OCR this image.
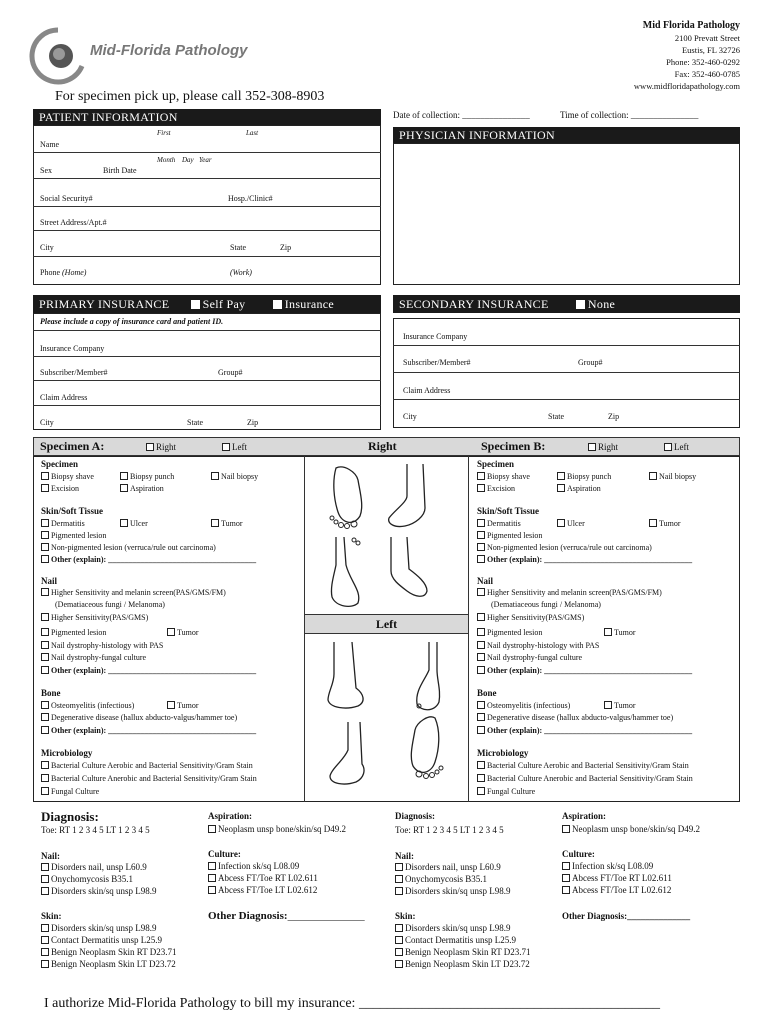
Mid-Florida Pathology
Mid Florida Pathology
2100 Prevatt Street
Eustis, FL 32726
Phone: 352-460-0292
Fax: 352-460-0785
www.midfloridapathology.com
For specimen pick up, please call 352-308-8903
PATIENT INFORMATION	Date of collection: _______________	Time of collection: _______________
First	Last
Name
Month Day Year
Sex	Birth Date
Social Security#	Hosp./Clinic#
Street Address/Apt.#
City	State	Zip
Phone (Home)	(Work)
PHYSICIAN INFORMATION
PRIMARY INSURANCE	Self Pay	Insurance
Please include a copy of insurance card and patient ID.
Insurance Company
Subscriber/Member#	Group#
Claim Address
City	State	Zip
SECONDARY INSURANCE	None
Insurance Company
Subscriber/Member#	Group#
Claim Address
City	State	Zip
Specimen A:	Right	Left	Right	Specimen B:	Right	Left
Left
Specimen
Biopsy shave	Biopsy punch	Nail biopsy
Excision	Aspiration
Skin/Soft Tissue
Dermatitis	Ulcer	Tumor
Pigmented lesion
Non-pigmented lesion (verruca/rule out carcinoma)
Other (explain): _____________________________________
Nail
Higher Sensitivity and melanin screen(PAS/GMS/FM)
(Dematiaceous fungi / Melanoma)
Higher Sensitivity(PAS/GMS)
Pigmented lesion	Tumor
Nail dystrophy-histology with PAS
Nail dystrophy-fungal culture
Other (explain): _____________________________________
Bone
Osteomyelitis (infectious)	Tumor
Degenerative disease (hallux abducto-valgus/hammer toe)
Other (explain): _____________________________________
Microbiology
Bacterial Culture Aerobic and Bacterial Sensitivity/Gram Stain
Bacterial Culture Anerobic and Bacterial Sensitivity/Gram Stain
Fungal Culture
Specimen
Biopsy shave	Biopsy punch	Nail biopsy
Excision	Aspiration
Skin/Soft Tissue
Dermatitis	Ulcer	Tumor
Pigmented lesion
Non-pigmented lesion (verruca/rule out carcinoma)
Other (explain): _____________________________________
Nail
Higher Sensitivity and melanin screen(PAS/GMS/FM)
(Dematiaceous fungi / Melanoma)
Higher Sensitivity(PAS/GMS)
Pigmented lesion	Tumor
Nail dystrophy-histology with PAS
Nail dystrophy-fungal culture
Other (explain): _____________________________________
Bone
Osteomyelitis (infectious)	Tumor
Degenerative disease (hallux abducto-valgus/hammer toe)
Other (explain): _____________________________________
Microbiology
Bacterial Culture Aerobic and Bacterial Sensitivity/Gram Stain
Bacterial Culture Anerobic and Bacterial Sensitivity/Gram Stain
Fungal Culture
Diagnosis:
Toe: RT 1 2 3 4 5 LT 1 2 3 4 5
Aspiration:
Neoplasm unsp bone/skin/sq D49.2
Nail:
Disorders nail, unsp L60.9
Onychomycosis B35.1
Disorders skin/sq unsp L98.9
Culture:
Infection sk/sq L08.09
Abcess FT/Toe RT L02.611
Abcess FT/Toe LT L02.612
Skin:
Disorders skin/sq unsp L98.9
Contact Dermatitis unsp L25.9
Benign Neoplasm Skin RT D23.71
Benign Neoplasm Skin LT D23.72
Other Diagnosis:______________
Diagnosis:
Toe: RT 1 2 3 4 5 LT 1 2 3 4 5
Aspiration:
Neoplasm unsp bone/skin/sq D49.2
Nail:
Disorders nail, unsp L60.9
Onychomycosis B35.1
Disorders skin/sq unsp L98.9
Culture:
Infection sk/sq L08.09
Abcess FT/Toe RT L02.611
Abcess FT/Toe LT L02.612
Skin:
Disorders skin/sq unsp L98.9
Contact Dermatitis unsp L25.9
Benign Neoplasm Skin RT D23.71
Benign Neoplasm Skin LT D23.72
Other Diagnosis:______________
I authorize Mid-Florida Pathology to bill my insurance: ___________________________________________
